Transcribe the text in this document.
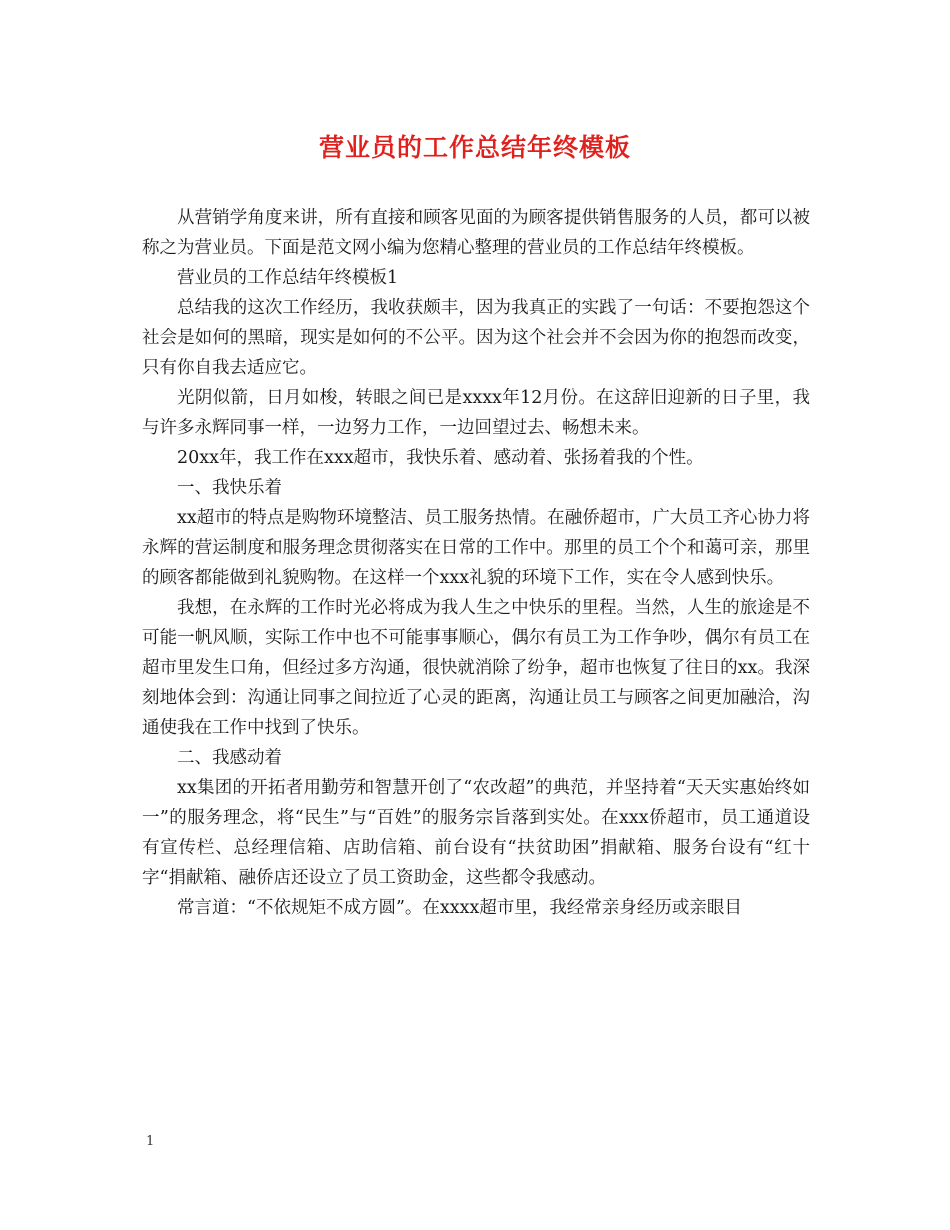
营业员的工作总结年终模板

从营销学角度来讲，所有直接和顾客见面的为顾客提供销售服务的人员，都可以被称之为营业员。下面是范文网小编为您精心整理的营业员的工作总结年终模板。

营业员的工作总结年终模板1

总结我的这次工作经历，我收获颇丰，因为我真正的实践了一句话：不要抱怨这个社会是如何的黑暗，现实是如何的不公平。因为这个社会并不会因为你的抱怨而改变，只有你自我去适应它。

光阴似箭，日月如梭，转眼之间已是xxxx年12月份。在这辞旧迎新的日子里，我与许多永辉同事一样，一边努力工作，一边回望过去、畅想未来。

20xx年，我工作在xxx超市，我快乐着、感动着、张扬着我的个性。

一、我快乐着

xx超市的特点是购物环境整洁、员工服务热情。在融侨超市，广大员工齐心协力将永辉的营运制度和服务理念贯彻落实在日常的工作中。那里的员工个个和蔼可亲，那里的顾客都能做到礼貌购物。在这样一个xxx礼貌的环境下工作，实在令人感到快乐。

我想，在永辉的工作时光必将成为我人生之中快乐的里程。当然，人生的旅途是不可能一帆风顺，实际工作中也不可能事事顺心，偶尔有员工为工作争吵，偶尔有员工在超市里发生口角，但经过多方沟通，很快就消除了纷争，超市也恢复了往日的xx。我深刻地体会到：沟通让同事之间拉近了心灵的距离，沟通让员工与顾客之间更加融洽，沟通使我在工作中找到了快乐。

二、我感动着

xx集团的开拓者用勤劳和智慧开创了“农改超”的典范，并坚持着“天天实惠始终如一”的服务理念，将“民生”与“百姓”的服务宗旨落到实处。在xxx侨超市，员工通道设有宣传栏、总经理信箱、店助信箱、前台设有“扶贫助困”捐献箱、服务台设有“红十字“捐献箱、融侨店还设立了员工资助金，这些都令我感动。

常言道：“不依规矩不成方圆”。在xxxx超市里，我经常亲身经历或亲眼目

1
